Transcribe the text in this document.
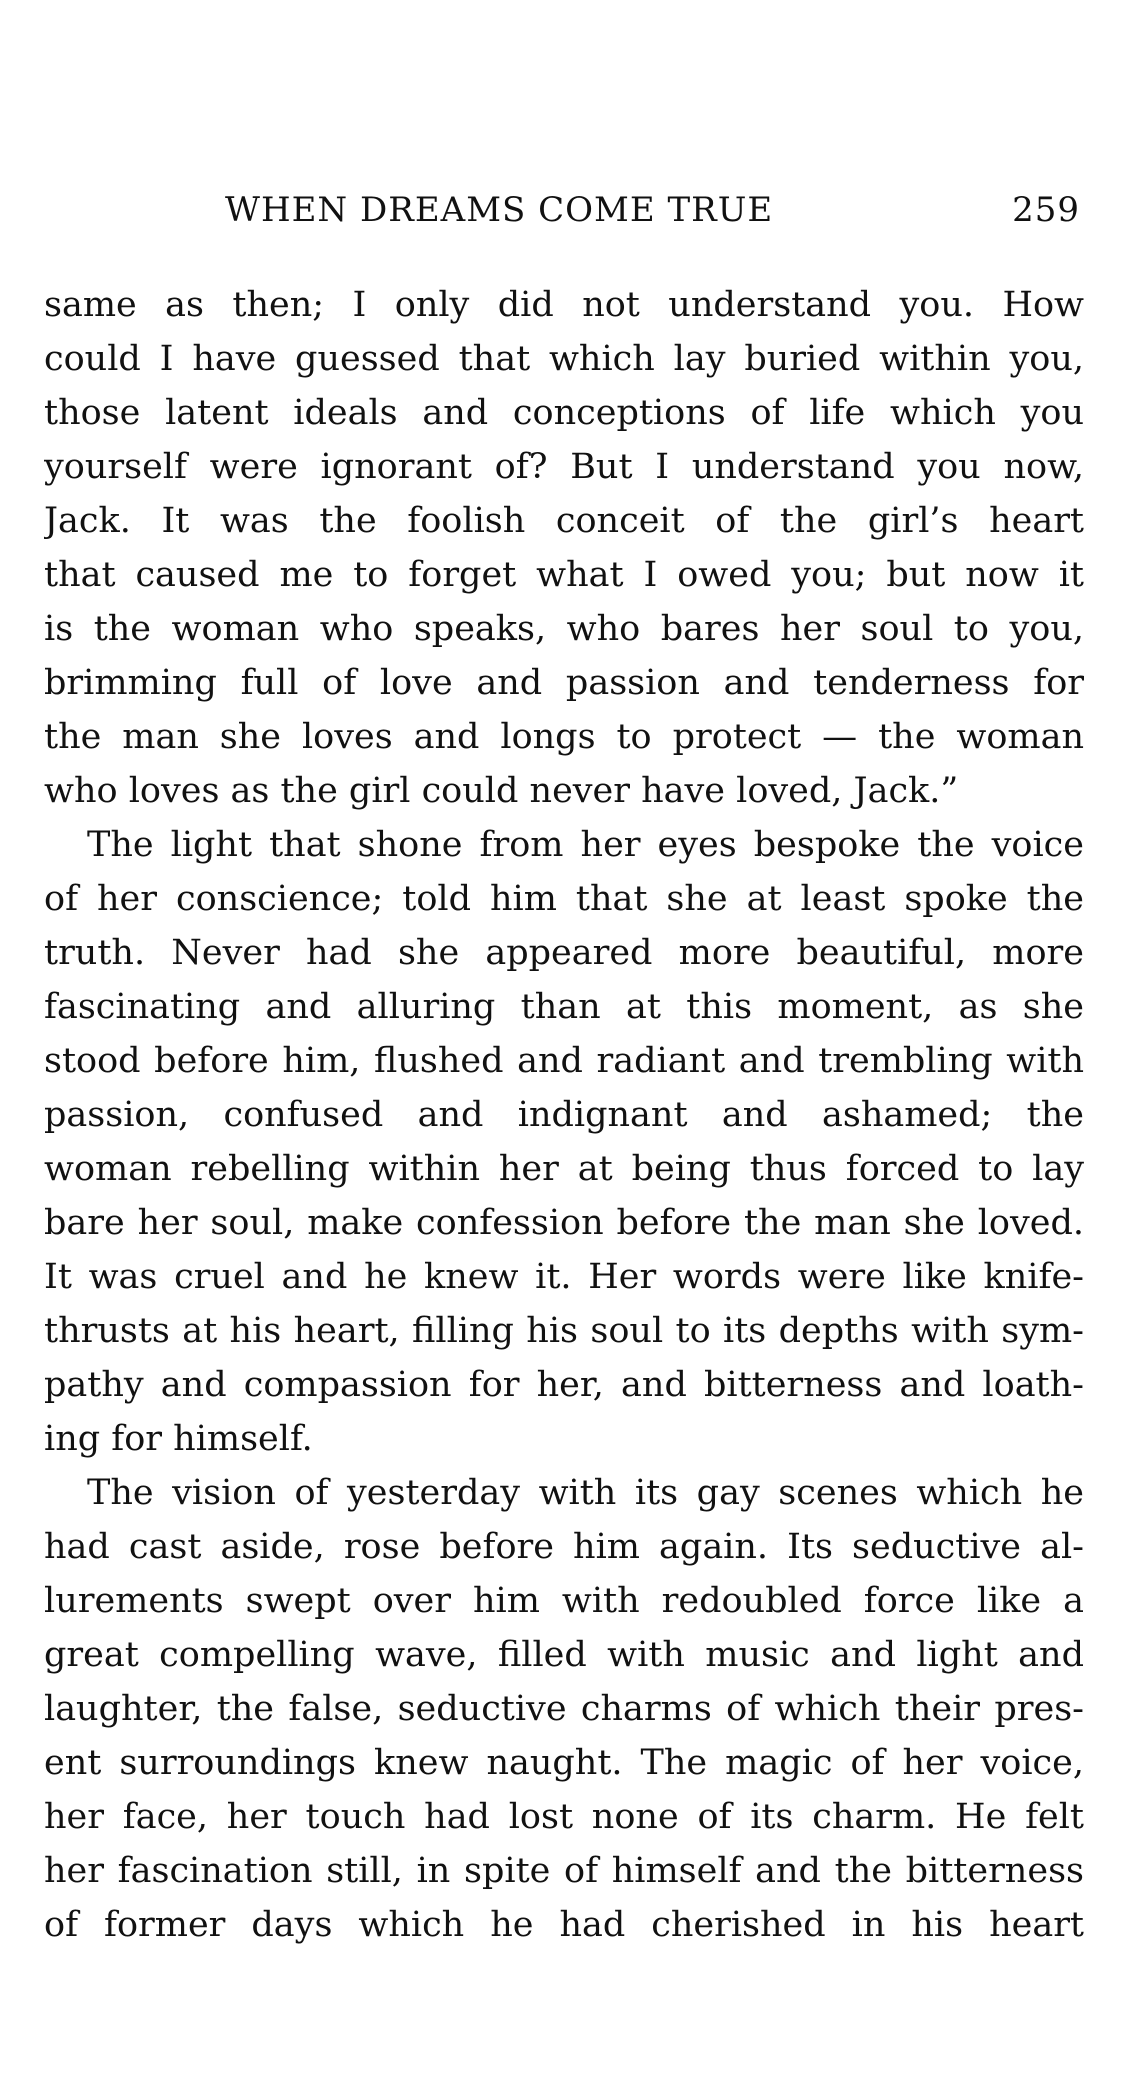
WHEN DREAMS COME TRUE	259
same as then; I only did not understand you. How
could I have guessed that which lay buried within you,
those latent ideals and conceptions of life which you
yourself were ignorant of? But I understand you now,
Jack. It was the foolish conceit of the girl’s heart
that caused me to forget what I owed you; but now it
is the woman who speaks, who bares her soul to you,
brimming full of love and passion and tenderness for
the man she loves and longs to protect — the woman
who loves as the girl could never have loved, Jack.”
The light that shone from her eyes bespoke the voice
of her conscience; told him that she at least spoke the
truth. Never had she appeared more beautiful, more
fascinating and alluring than at this moment, as she
stood before him, flushed and radiant and trembling with
passion, confused and indignant and ashamed; the
woman rebelling within her at being thus forced to lay
bare her soul, make confession before the man she loved.
It was cruel and he knew it. Her words were like knife-
thrusts at his heart, filling his soul to its depths with sym-
pathy and compassion for her, and bitterness and loath-
ing for himself.
The vision of yesterday with its gay scenes which he
had cast aside, rose before him again. Its seductive al-
lurements swept over him with redoubled force like a
great compelling wave, filled with music and light and
laughter, the false, seductive charms of which their pres-
ent surroundings knew naught. The magic of her voice,
her face, her touch had lost none of its charm. He felt
her fascination still, in spite of himself and the bitterness
of former days which he had cherished in his heart
